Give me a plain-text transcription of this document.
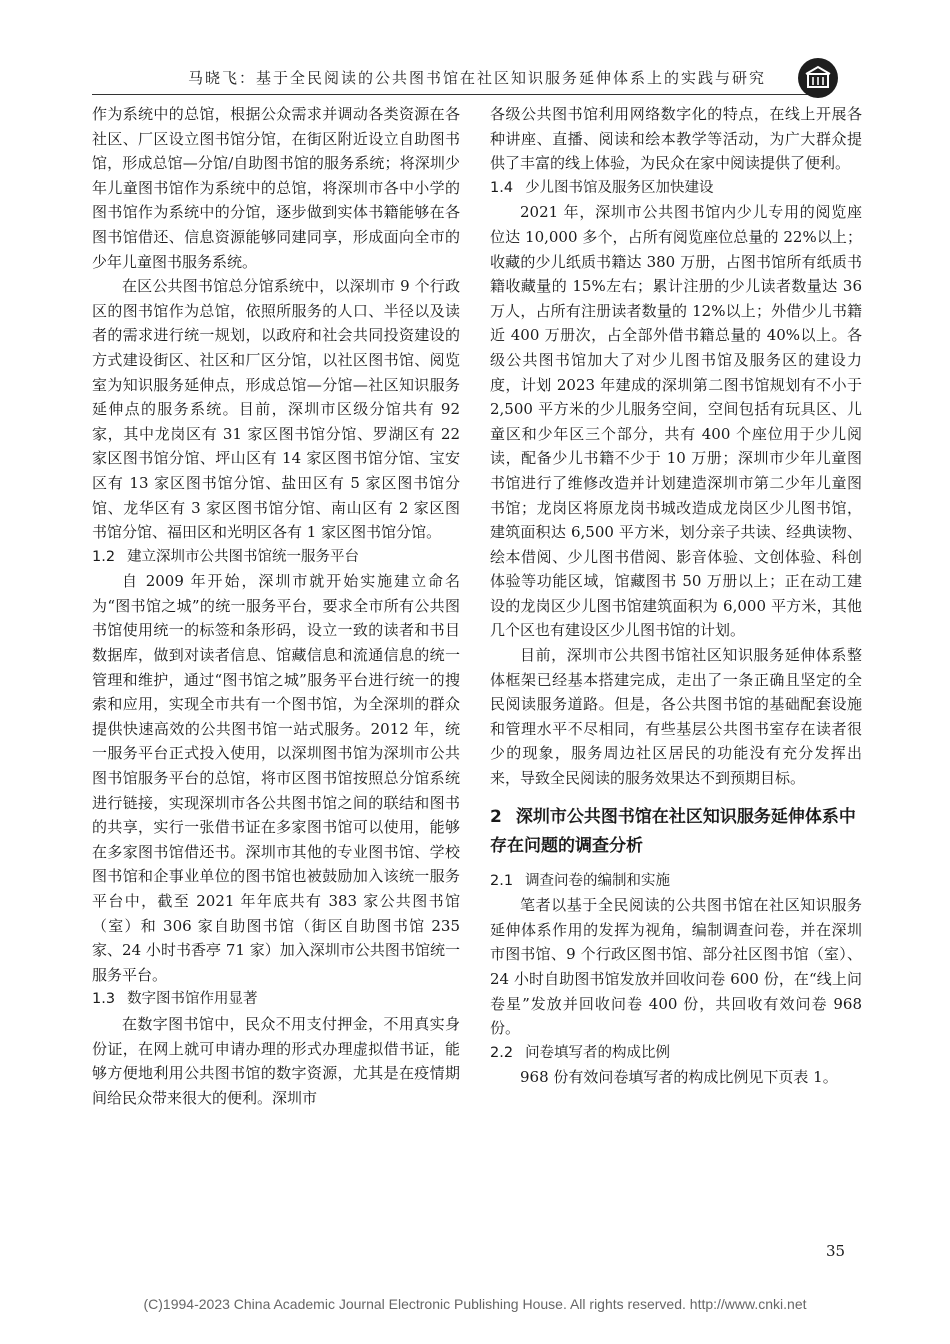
马晓飞：基于全民阅读的公共图书馆在社区知识服务延伸体系上的实践与研究

作为系统中的总馆，根据公众需求并调动各类资源在各社区、厂区设立图书馆分馆，在街区附近设立自助图书馆，形成总馆—分馆/自助图书馆的服务系统；将深圳少年儿童图书馆作为系统中的总馆，将深圳市各中小学的图书馆作为系统中的分馆，逐步做到实体书籍能够在各图书馆借还、信息资源能够同建同享，形成面向全市的少年儿童图书服务系统。

在区公共图书馆总分馆系统中，以深圳市 9 个行政区的图书馆作为总馆，依照所服务的人口、半径以及读者的需求进行统一规划，以政府和社会共同投资建设的方式建设街区、社区和厂区分馆，以社区图书馆、阅览室为知识服务延伸点，形成总馆—分馆—社区知识服务延伸点的服务系统。目前，深圳市区级分馆共有 92 家，其中龙岗区有 31 家区图书馆分馆、罗湖区有 22 家区图书馆分馆、坪山区有 14 家区图书馆分馆、宝安区有 13 家区图书馆分馆、盐田区有 5 家区图书馆分馆、龙华区有 3 家区图书馆分馆、南山区有 2 家区图书馆分馆、福田区和光明区各有 1 家区图书馆分馆。

1.2 建立深圳市公共图书馆统一服务平台

自 2009 年开始，深圳市就开始实施建立命名为“图书馆之城”的统一服务平台，要求全市所有公共图书馆使用统一的标签和条形码，设立一致的读者和书目数据库，做到对读者信息、馆藏信息和流通信息的统一管理和维护，通过“图书馆之城”服务平台进行统一的搜索和应用，实现全市共有一个图书馆，为全深圳的群众提供快速高效的公共图书馆一站式服务。2012 年，统一服务平台正式投入使用，以深圳图书馆为深圳市公共图书馆服务平台的总馆，将市区图书馆按照总分馆系统进行链接，实现深圳市各公共图书馆之间的联结和图书的共享，实行一张借书证在多家图书馆可以使用，能够在多家图书馆借还书。深圳市其他的专业图书馆、学校图书馆和企事业单位的图书馆也被鼓励加入该统一服务平台中，截至 2021 年年底共有 383 家公共图书馆（室）和 306 家自助图书馆（街区自助图书馆 235 家、24 小时书香亭 71 家）加入深圳市公共图书馆统一服务平台。

1.3 数字图书馆作用显著

在数字图书馆中，民众不用支付押金，不用真实身份证，在网上就可申请办理的形式办理虚拟借书证，能够方便地利用公共图书馆的数字资源，尤其是在疫情期间给民众带来很大的便利。深圳市

各级公共图书馆利用网络数字化的特点，在线上开展各种讲座、直播、阅读和绘本教学等活动，为广大群众提供了丰富的线上体验，为民众在家中阅读提供了便利。

1.4 少儿图书馆及服务区加快建设

2021 年，深圳市公共图书馆内少儿专用的阅览座位达 10,000 多个，占所有阅览座位总量的 22%以上；收藏的少儿纸质书籍达 380 万册，占图书馆所有纸质书籍收藏量的 15%左右；累计注册的少儿读者数量达 36 万人，占所有注册读者数量的 12%以上；外借少儿书籍近 400 万册次，占全部外借书籍总量的 40%以上。各级公共图书馆加大了对少儿图书馆及服务区的建设力度，计划 2023 年建成的深圳第二图书馆规划有不小于 2,500 平方米的少儿服务空间，空间包括有玩具区、儿童区和少年区三个部分，共有 400 个座位用于少儿阅读，配备少儿书籍不少于 10 万册；深圳市少年儿童图书馆进行了维修改造并计划建造深圳市第二少年儿童图书馆；龙岗区将原龙岗书城改造成龙岗区少儿图书馆，建筑面积达 6,500 平方米，划分亲子共读、经典读物、绘本借阅、少儿图书借阅、影音体验、文创体验、科创体验等功能区域，馆藏图书 50 万册以上；正在动工建设的龙岗区少儿图书馆建筑面积为 6,000 平方米，其他几个区也有建设区少儿图书馆的计划。

目前，深圳市公共图书馆社区知识服务延伸体系整体框架已经基本搭建完成，走出了一条正确且坚定的全民阅读服务道路。但是，各公共图书馆的基础配套设施和管理水平不尽相同，有些基层公共图书室存在读者很少的现象，服务周边社区居民的功能没有充分发挥出来，导致全民阅读的服务效果达不到预期目标。

2 深圳市公共图书馆在社区知识服务延伸体系中存在问题的调查分析

2.1 调查问卷的编制和实施

笔者以基于全民阅读的公共图书馆在社区知识服务延伸体系作用的发挥为视角，编制调查问卷，并在深圳市图书馆、9 个行政区图书馆、部分社区图书馆（室）、24 小时自助图书馆发放并回收问卷 600 份，在“线上问卷星”发放并回收问卷 400 份，共回收有效问卷 968 份。

2.2 问卷填写者的构成比例

968 份有效问卷填写者的构成比例见下页表 1。

35
(C)1994-2023 China Academic Journal Electronic Publishing House. All rights reserved. http://www.cnki.net
